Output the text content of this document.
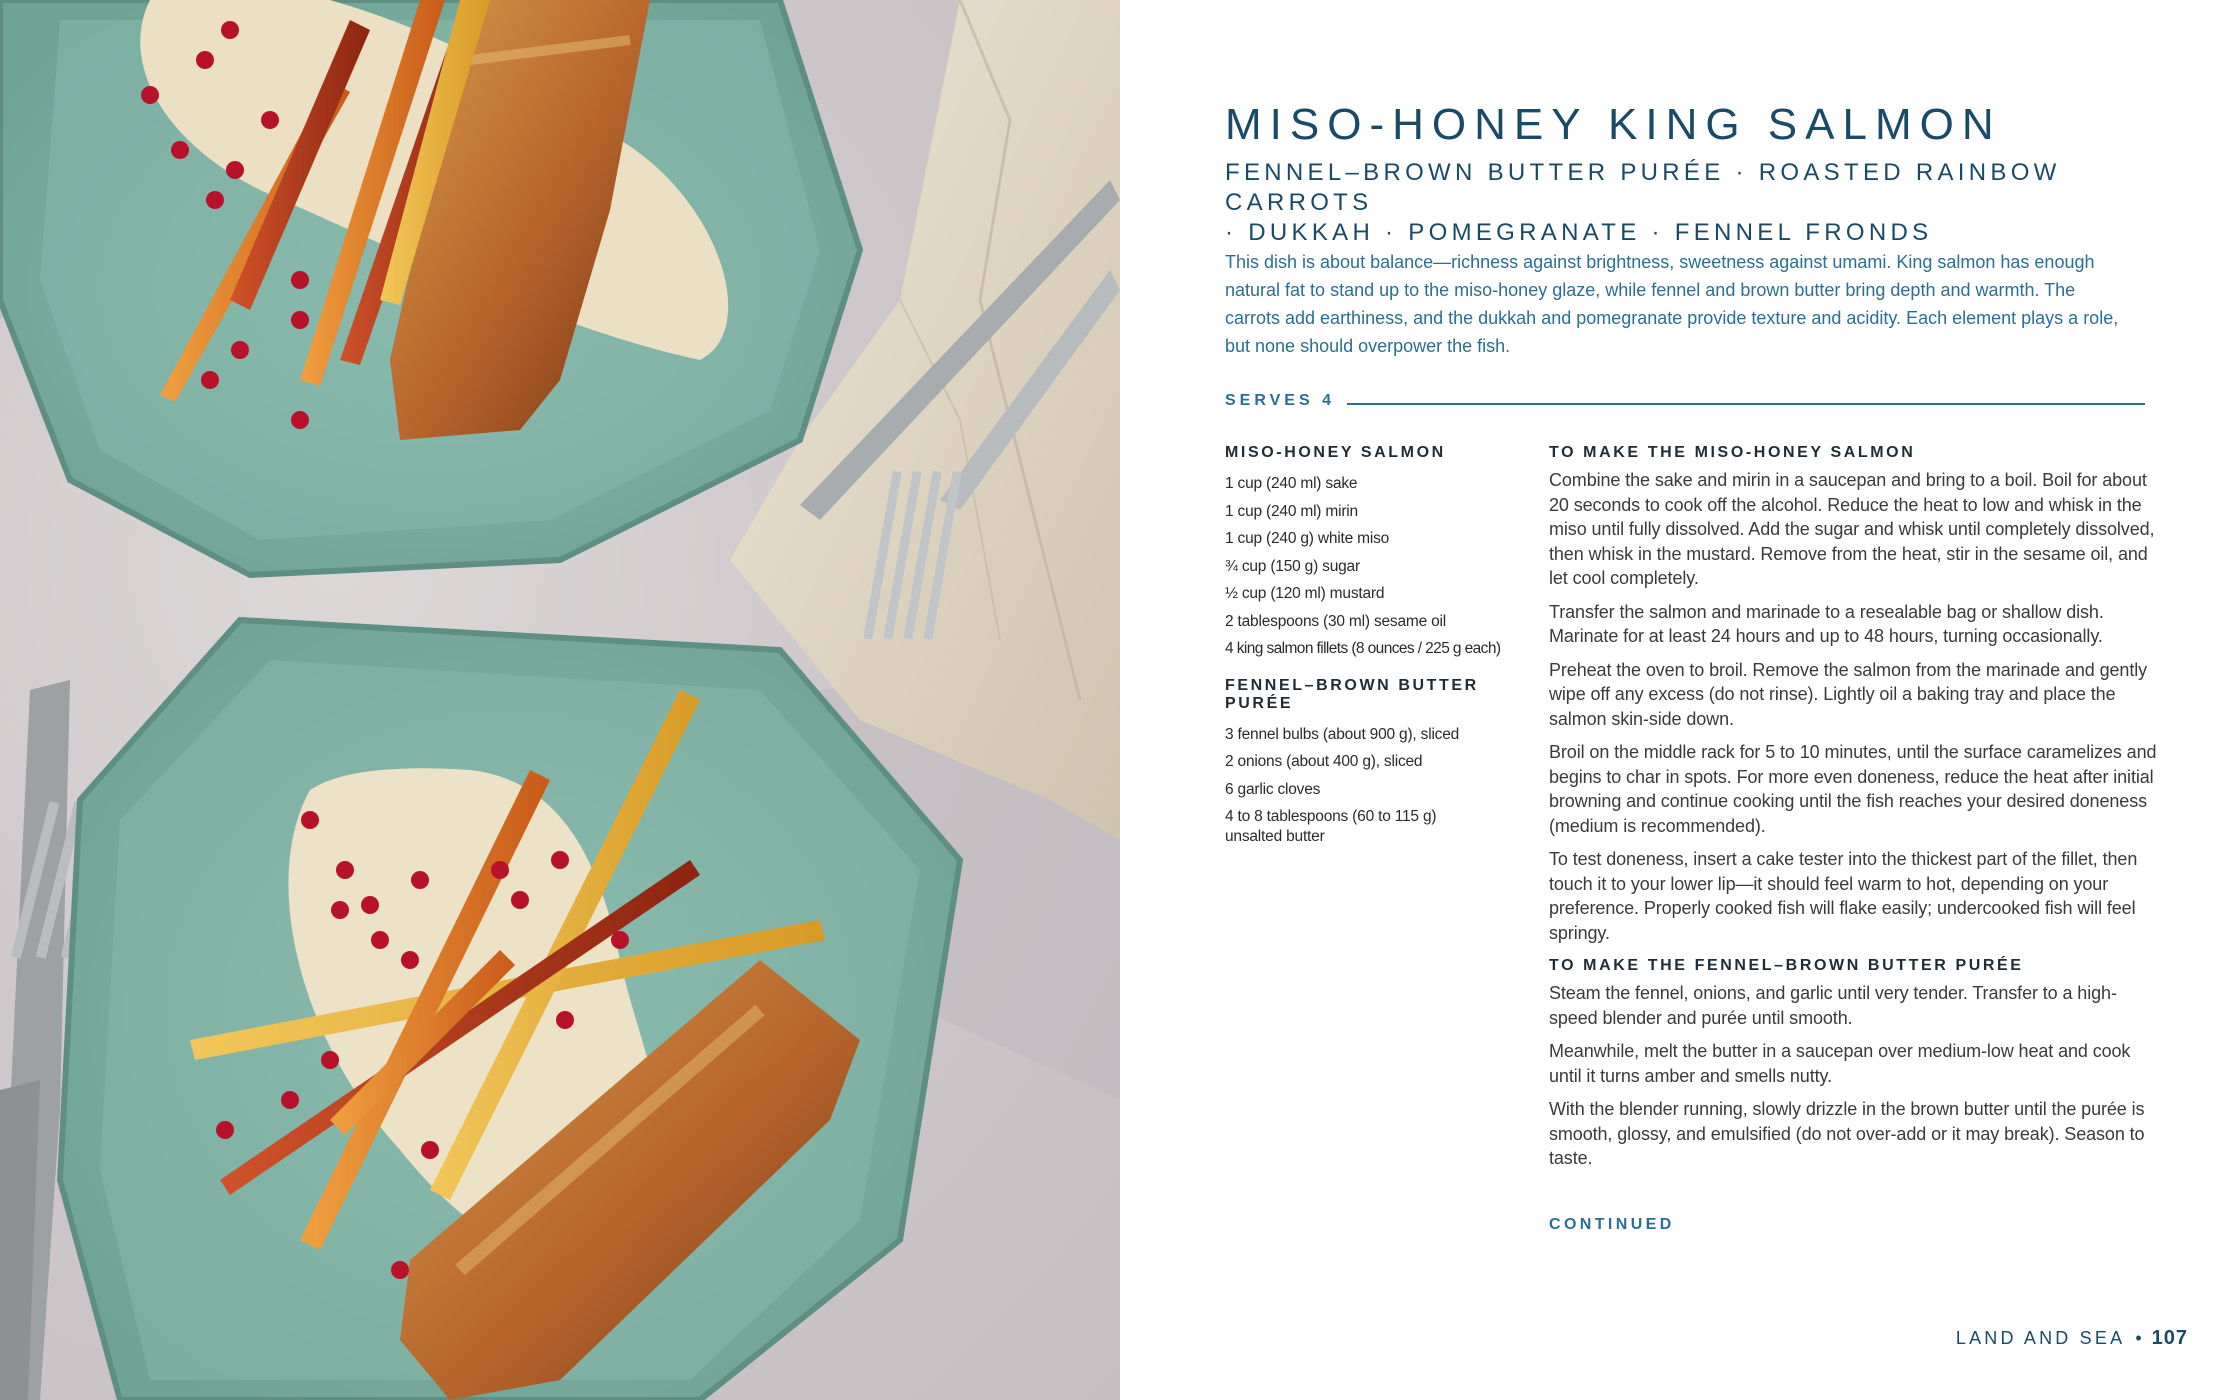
MISO-HONEY KING SALMON
FENNEL–BROWN BUTTER PURÉE · ROASTED RAINBOW CARROTS
· DUKKAH · POMEGRANATE · FENNEL FRONDS

This dish is about balance—richness against brightness, sweetness against umami. King salmon has enough natural fat to stand up to the miso-honey glaze, while fennel and brown butter bring depth and warmth. The carrots add earthiness, and the dukkah and pomegranate provide texture and acidity. Each element plays a role, but none should overpower the fish.

SERVES 4
MISO-HONEY SALMON
1 cup (240 ml) sake
1 cup (240 ml) mirin
1 cup (240 g) white miso
¾ cup (150 g) sugar
½ cup (120 ml) mustard
2 tablespoons (30 ml) sesame oil
4 king salmon fillets (8 ounces / 225 g each)
FENNEL–BROWN BUTTER PURÉE
3 fennel bulbs (about 900 g), sliced
2 onions (about 400 g), sliced
6 garlic cloves
4 to 8 tablespoons (60 to 115 g) unsalted butter
TO MAKE THE MISO-HONEY SALMON

Combine the sake and mirin in a saucepan and bring to a boil. Boil for about 20 seconds to cook off the alcohol. Reduce the heat to low and whisk in the miso until fully dissolved. Add the sugar and whisk until completely dissolved, then whisk in the mustard. Remove from the heat, stir in the sesame oil, and let cool completely.

Transfer the salmon and marinade to a resealable bag or shallow dish. Marinate for at least 24 hours and up to 48 hours, turning occasionally.

Preheat the oven to broil. Remove the salmon from the marinade and gently wipe off any excess (do not rinse). Lightly oil a baking tray and place the salmon skin-side down.

Broil on the middle rack for 5 to 10 minutes, until the surface caramelizes and begins to char in spots. For more even doneness, reduce the heat after initial browning and continue cooking until the fish reaches your desired doneness (medium is recommended).

To test doneness, insert a cake tester into the thickest part of the fillet, then touch it to your lower lip—it should feel warm to hot, depending on your preference. Properly cooked fish will flake easily; undercooked fish will feel springy.

TO MAKE THE FENNEL–BROWN BUTTER PURÉE

Steam the fennel, onions, and garlic until very tender. Transfer to a high-speed blender and purée until smooth.

Meanwhile, melt the butter in a saucepan over medium-low heat and cook until it turns amber and smells nutty.

With the blender running, slowly drizzle in the brown butter until the purée is smooth, glossy, and emulsified (do not over-add or it may break). Season to taste.

CONTINUED
LAND AND SEA • 107
